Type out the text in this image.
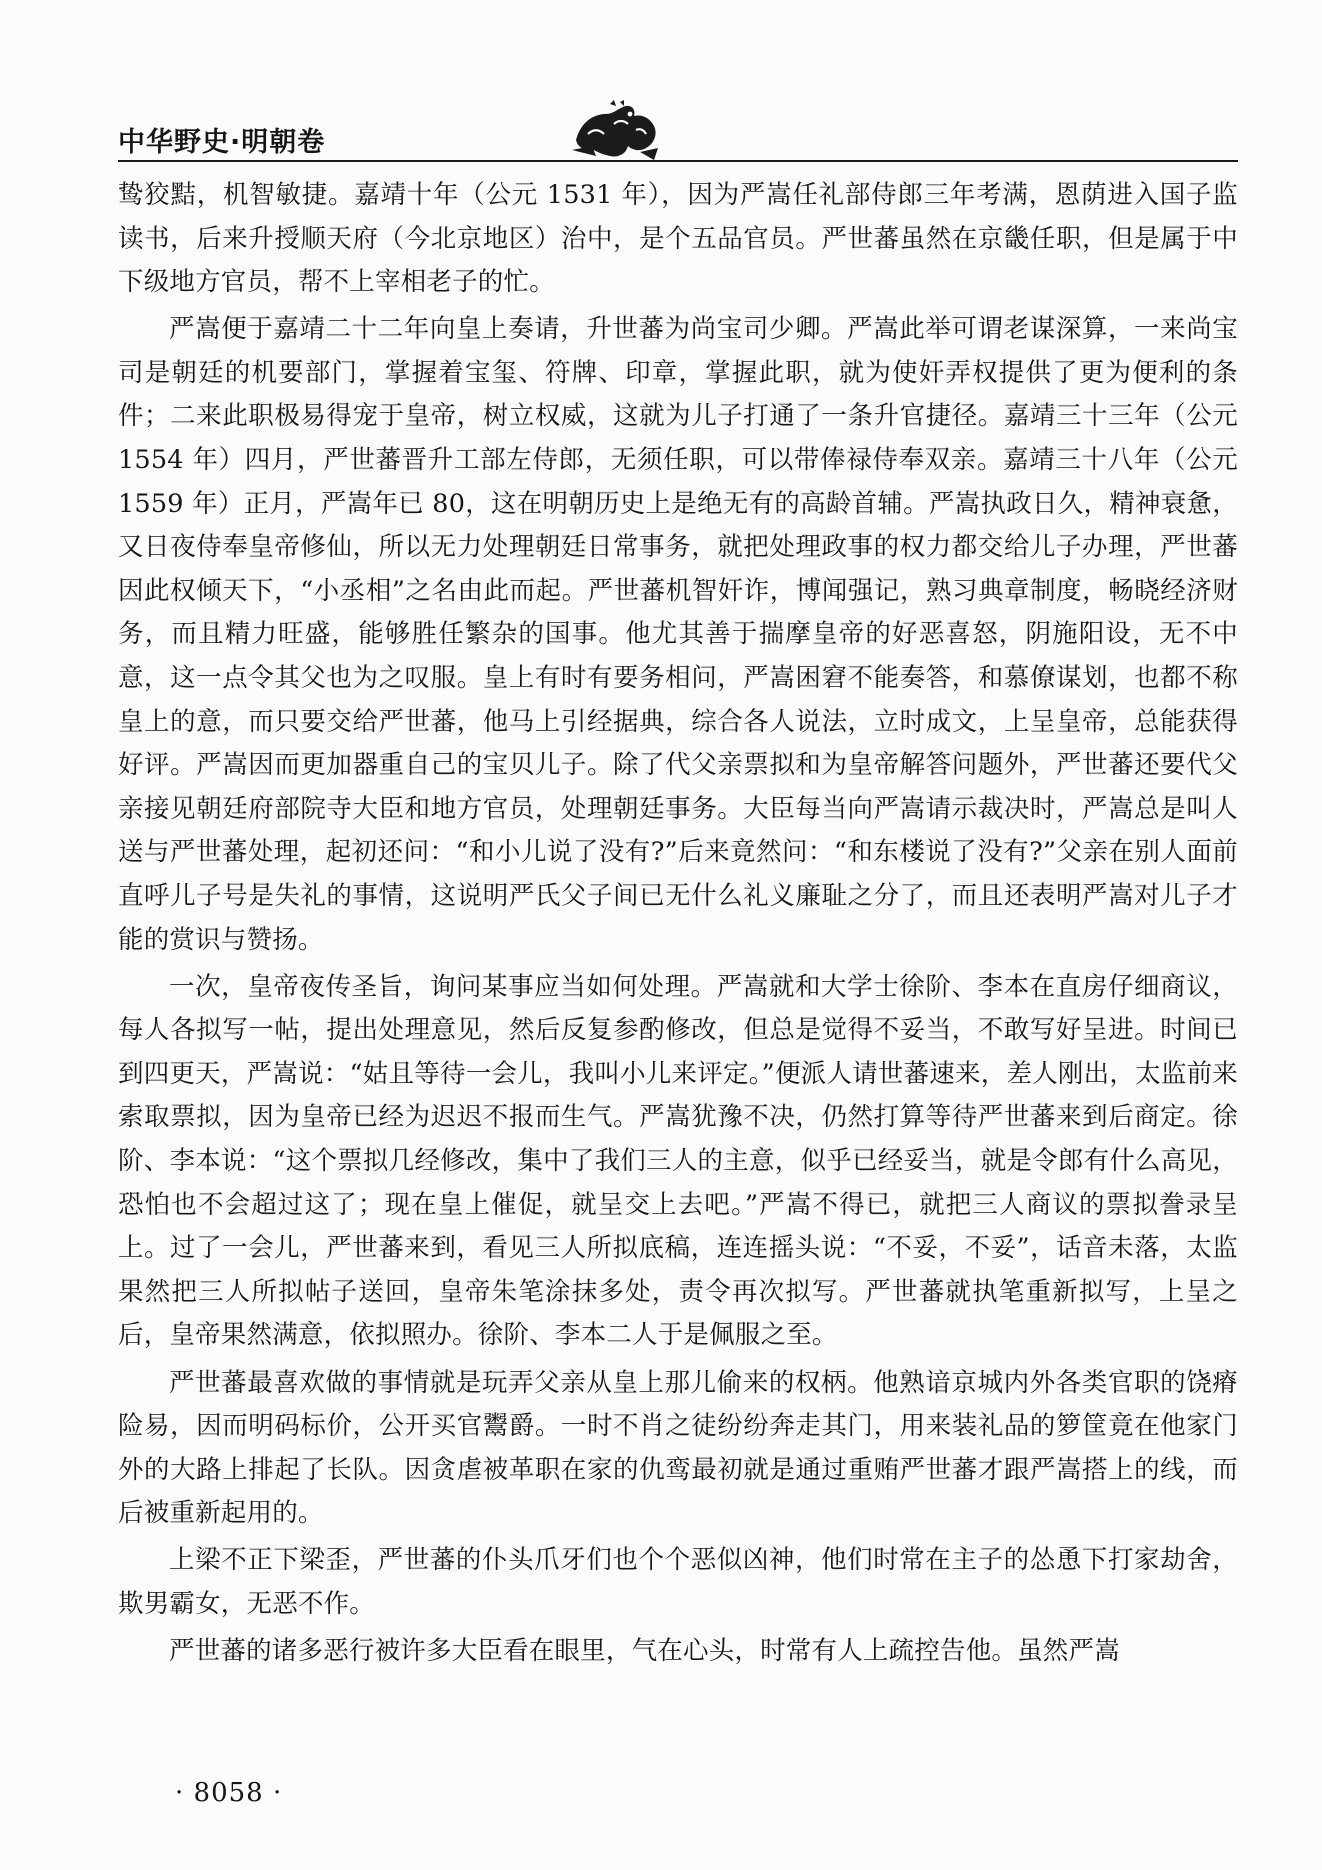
中华野史·明朝卷

鸷狡黠，机智敏捷。嘉靖十年（公元 1531 年），因为严嵩任礼部侍郎三年考满，恩荫进入国子监读书，后来升授顺天府（今北京地区）治中，是个五品官员。严世蕃虽然在京畿任职，但是属于中下级地方官员，帮不上宰相老子的忙。

严嵩便于嘉靖二十二年向皇上奏请，升世蕃为尚宝司少卿。严嵩此举可谓老谋深算，一来尚宝司是朝廷的机要部门，掌握着宝玺、符牌、印章，掌握此职，就为使奸弄权提供了更为便利的条件；二来此职极易得宠于皇帝，树立权威，这就为儿子打通了一条升官捷径。嘉靖三十三年（公元 1554 年）四月，严世蕃晋升工部左侍郎，无须任职，可以带俸禄侍奉双亲。嘉靖三十八年（公元 1559 年）正月，严嵩年已 80，这在明朝历史上是绝无有的高龄首辅。严嵩执政日久，精神衰惫，又日夜侍奉皇帝修仙，所以无力处理朝廷日常事务，就把处理政事的权力都交给儿子办理，严世蕃因此权倾天下，“小丞相”之名由此而起。严世蕃机智奸诈，博闻强记，熟习典章制度，畅晓经济财务，而且精力旺盛，能够胜任繁杂的国事。他尤其善于揣摩皇帝的好恶喜怒，阴施阳设，无不中意，这一点令其父也为之叹服。皇上有时有要务相问，严嵩困窘不能奏答，和慕僚谋划，也都不称皇上的意，而只要交给严世蕃，他马上引经据典，综合各人说法，立时成文，上呈皇帝，总能获得好评。严嵩因而更加器重自己的宝贝儿子。除了代父亲票拟和为皇帝解答问题外，严世蕃还要代父亲接见朝廷府部院寺大臣和地方官员，处理朝廷事务。大臣每当向严嵩请示裁决时，严嵩总是叫人送与严世蕃处理，起初还问：“和小儿说了没有?”后来竟然问：“和东楼说了没有?”父亲在别人面前直呼儿子号是失礼的事情，这说明严氏父子间已无什么礼义廉耻之分了，而且还表明严嵩对儿子才能的赏识与赞扬。

一次，皇帝夜传圣旨，询问某事应当如何处理。严嵩就和大学士徐阶、李本在直房仔细商议，每人各拟写一帖，提出处理意见，然后反复参酌修改，但总是觉得不妥当，不敢写好呈进。时间已到四更天，严嵩说：“姑且等待一会儿，我叫小儿来评定。”便派人请世蕃速来，差人刚出，太监前来索取票拟，因为皇帝已经为迟迟不报而生气。严嵩犹豫不决，仍然打算等待严世蕃来到后商定。徐阶、李本说：“这个票拟几经修改，集中了我们三人的主意，似乎已经妥当，就是令郎有什么高见，恐怕也不会超过这了；现在皇上催促，就呈交上去吧。”严嵩不得已，就把三人商议的票拟誊录呈上。过了一会儿，严世蕃来到，看见三人所拟底稿，连连摇头说：“不妥，不妥”，话音未落，太监果然把三人所拟帖子送回，皇帝朱笔涂抹多处，责令再次拟写。严世蕃就执笔重新拟写，上呈之后，皇帝果然满意，依拟照办。徐阶、李本二人于是佩服之至。

严世蕃最喜欢做的事情就是玩弄父亲从皇上那儿偷来的权柄。他熟谙京城内外各类官职的饶瘠险易，因而明码标价，公开买官鬻爵。一时不肖之徒纷纷奔走其门，用来装礼品的箩筐竟在他家门外的大路上排起了长队。因贪虐被革职在家的仇鸾最初就是通过重贿严世蕃才跟严嵩搭上的线，而后被重新起用的。

上梁不正下梁歪，严世蕃的仆头爪牙们也个个恶似凶神，他们时常在主子的怂恿下打家劫舍，欺男霸女，无恶不作。

严世蕃的诸多恶行被许多大臣看在眼里，气在心头，时常有人上疏控告他。虽然严嵩

· 8058 ·
